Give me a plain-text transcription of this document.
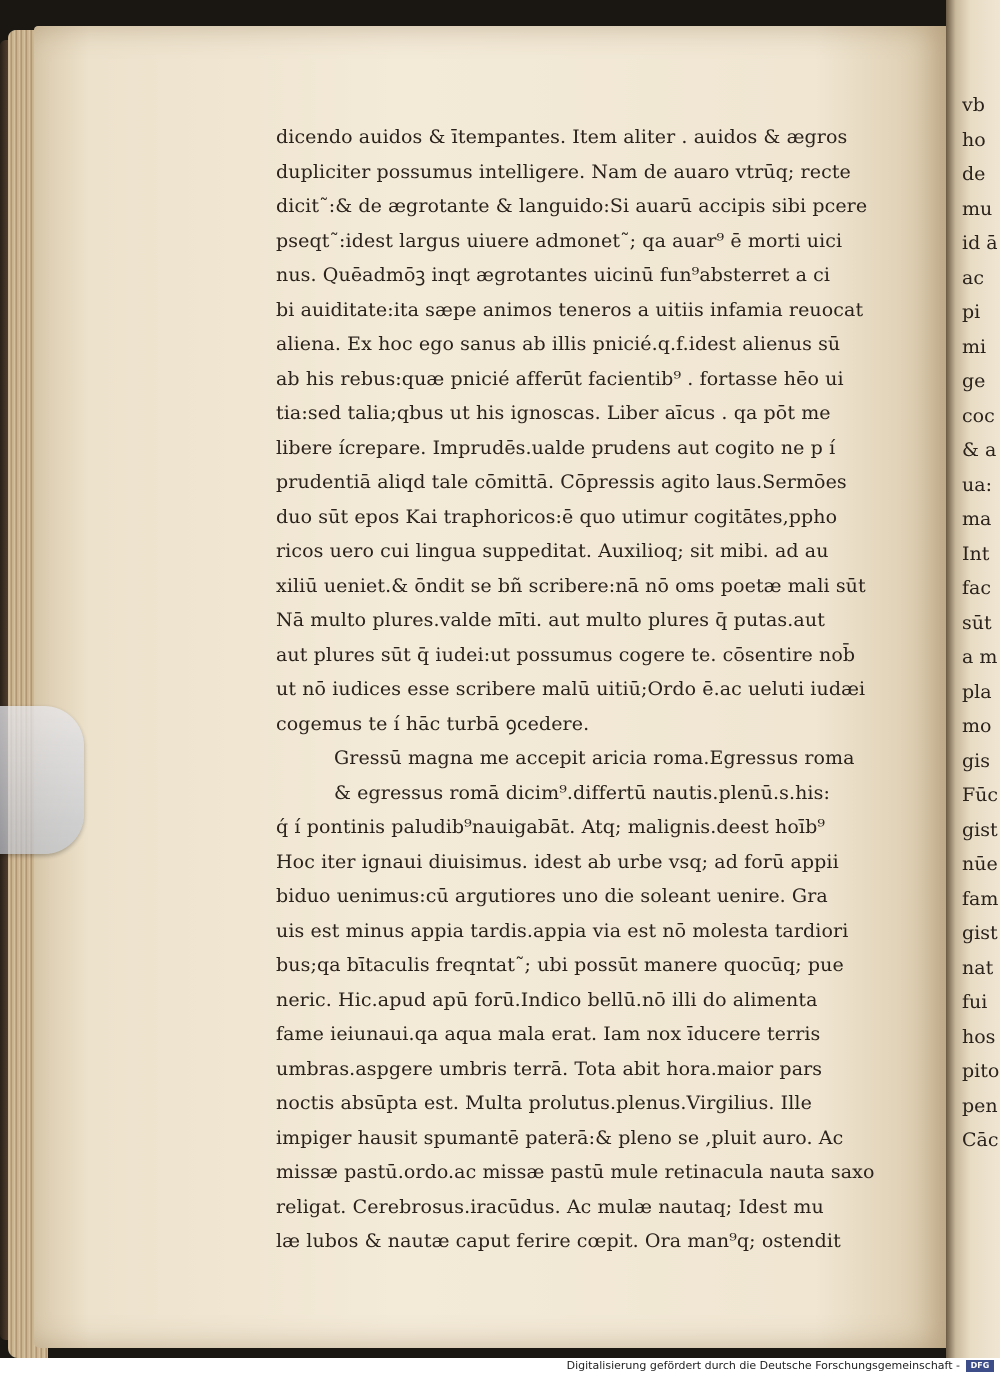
dicendo auidos & ītempantes. Item aliter . auidos & ægros
dupliciter possumus intelligere. Nam de auaro vtrūq; recte
dicit˜:& de ægrotante & languido:Si auarū accipis sibi pcere
pseqt˜:idest largus uiuere admonet˜; qa auar⁹ ē morti uici
nus. Quēadmōꝫ inqt ægrotantes uicinū fun⁹absterret a ci
bi auiditate:ita sæpe animos teneros a uitiis infamia reuocat
aliena. Ex hoc ego sanus ab illis pnicié.q.f.idest alienus sū
ab his rebus:quæ pnicié afferūt facientib⁹ . fortasse hēo ui
tia:sed talia;qbus ut his ignoscas. Liber aīcus . qa pōt me
libere ícrepare. Imprudēs.ualde prudens aut cogito ne p í
prudentiā aliqd tale cōmittā. Cōpressis agito laus.Sermōes
duo sūt epos Kai traphoricos:ē quo utimur cogitātes,pphο
ricos uero cui lingua suppeditat. Auxilioq; sit mibi. ad au
xiliū ueniet.& ōndit se bñ scribere:nā nō oms poetæ mali sūt
Nā multo plures.valde mīti. aut multo plures q̄ putas.aut
aut plures sūt q̄ iudei:ut possumus cogere te. cōsentire nob̄
ut nō iudices esse scribere malū uitiū;Ordo ē.ac ueluti iudæi
cogemus te í hāc turbā ꝯcedere.
Gressū magna me accepit aricia roma.Egressus roma
& egressus romā dicim⁹.differtū nautis.plenū.s.his:
q́ í pontinis paludib⁹nauigabāt. Atq; malignis.deest hoīb⁹
Hoc iter ignaui diuisimus. idest ab urbe vsq; ad forū appii
biduo uenimus:cū argutiores uno die soleant uenire. Gra
uis est minus appia tardis.appia via est nō molesta tardiori
bus;qa bītaculis freqntat˜; ubi possūt manere quocūq; pue
neric. Hic.apud apū forū.Indico bellū.nō illi do alimenta
fame ieiunaui.qa aqua mala erat. Iam nox īducere terris
umbras.aspgere umbris terrā. Tota abit hora.maior pars
noctis absūpta est. Multa prolutus.plenus.Virgilius. Ille
impiger hausit spumantē paterā:& pleno se ,pluit auro. Ac
missæ pastū.ordo.ac missæ pastū mule retinacula nauta saxo
religat. Cerebrosus.iracūdus. Ac mulæ nautaq; Idest mu
læ lubos & nautæ caput ferire cœpit. Ora man⁹q; ostendit
vb
ho
de
mu
id ā
ac
pi
mi
ge
coc
& a
ua:
ma
Int
fac
sūt
a m
pla
mo
gis
Fūc
gist
nūe
fam
gist
nat
fui
hos
pito
pen
Cāc
Digitalisierung gefördert durch die Deutsche Forschungsgemeinschaft -	DFG
